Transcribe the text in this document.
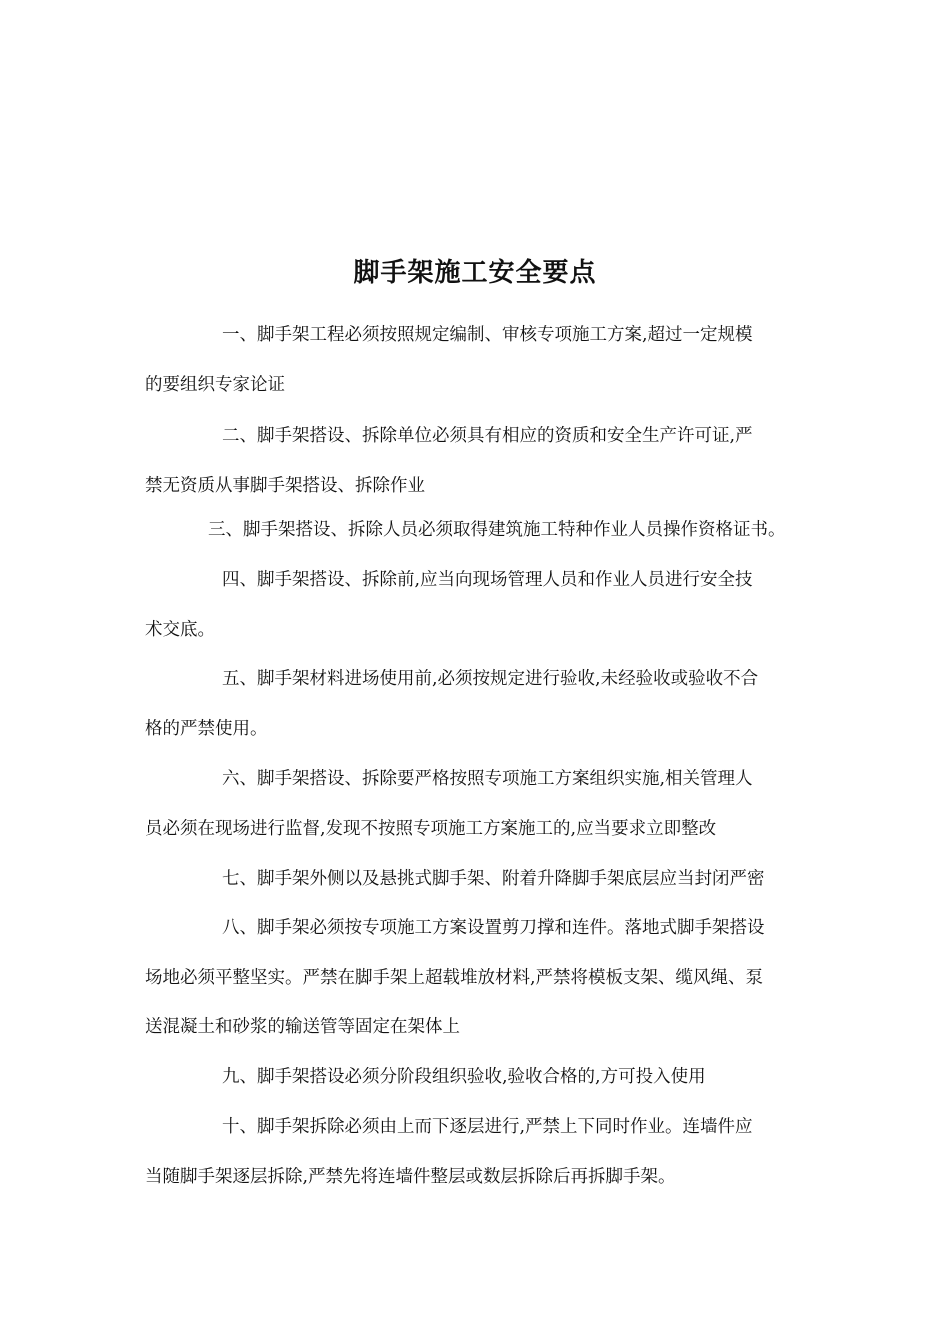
脚手架施工安全要点
一、脚手架工程必须按照规定编制、审核专项施工方案,超过一定规模
的要组织专家论证
二、脚手架搭设、拆除单位必须具有相应的资质和安全生产许可证,严
禁无资质从事脚手架搭设、拆除作业
三、脚手架搭设、拆除人员必须取得建筑施工特种作业人员操作资格证书。
四、脚手架搭设、拆除前,应当向现场管理人员和作业人员进行安全技
术交底。
五、脚手架材料进场使用前,必须按规定进行验收,未经验收或验收不合
格的严禁使用。
六、脚手架搭设、拆除要严格按照专项施工方案组织实施,相关管理人
员必须在现场进行监督,发现不按照专项施工方案施工的,应当要求立即整改
七、脚手架外侧以及悬挑式脚手架、附着升降脚手架底层应当封闭严密
八、脚手架必须按专项施工方案设置剪刀撑和连件。落地式脚手架搭设
场地必须平整坚实。严禁在脚手架上超载堆放材料,严禁将模板支架、缆风绳、泵
送混凝土和砂浆的输送管等固定在架体上
九、脚手架搭设必须分阶段组织验收,验收合格的,方可投入使用
十、脚手架拆除必须由上而下逐层进行,严禁上下同时作业。连墙件应
当随脚手架逐层拆除,严禁先将连墙件整层或数层拆除后再拆脚手架。
